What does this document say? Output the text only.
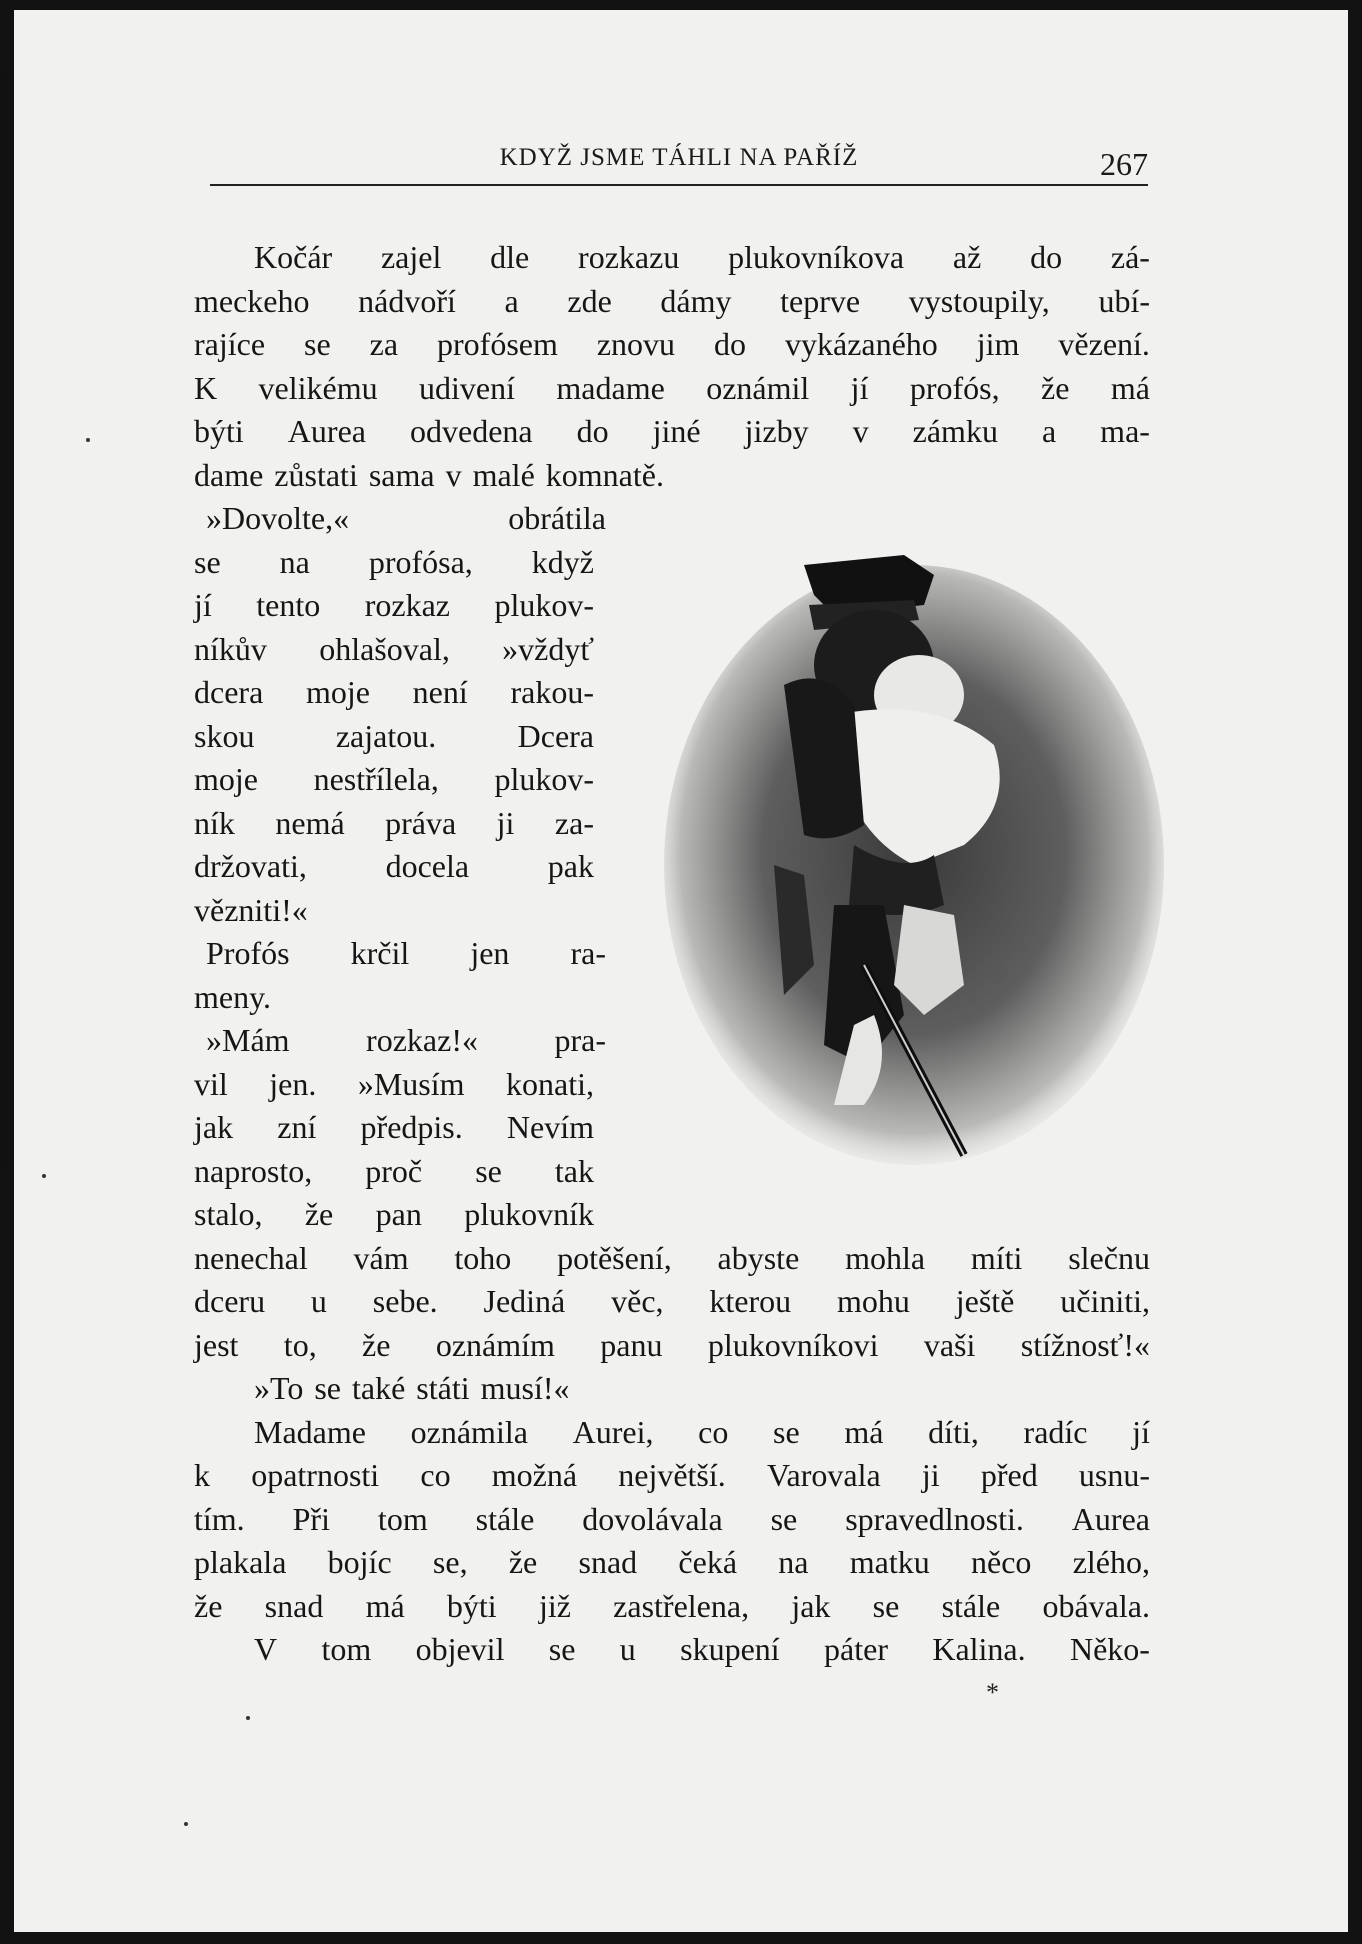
KDYŽ JSME TÁHLI NA PAŘÍŽ	267
Kočár zajel dle rozkazu plukovníkova až do zá-
meckeho nádvoří a zde dámy teprve vystoupily, ubí-
rajíce se za profósem znovu do vykázaného jim vězení.
K velikému udivení madame oznámil jí profós, že má
býti Aurea odvedena do jiné jizby v zámku a ma-
dame zůstati sama v malé komnatě.
»Dovolte,«	obrátila
se na profósa, když
jí tento rozkaz plukov-
níkův ohlašoval, »vždyť
dcera moje není rakou-
skou	zajatou.	Dcera
moje nestřílela, plukov-
ník nemá práva ji za-
držovati, docela pak
vězniti!«
Profós krčil jen ra-
meny.
»Mám rozkaz!« pra-
vil jen. »Musím konati,
jak zní předpis. Nevím
naprosto, proč se tak
stalo, že pan plukovník
nenechal vám toho potěšení, abyste mohla míti slečnu
dceru u sebe. Jediná věc, kterou mohu ještě učiniti,
jest to, že oznámím panu plukovníkovi vaši stížnosť!«
»To se také státi musí!«
Madame oznámila Aurei, co se má díti, radíc jí
k opatrnosti co možná největší. Varovala ji před usnu-
tím. Při tom stále dovolávala se spravedlnosti. Aurea
plakala bojíc se, že snad čeká na matku něco zlého,
že snad má býti již zastřelena, jak se stále obávala.
V tom objevil se u skupení páter Kalina. Něko-
*
